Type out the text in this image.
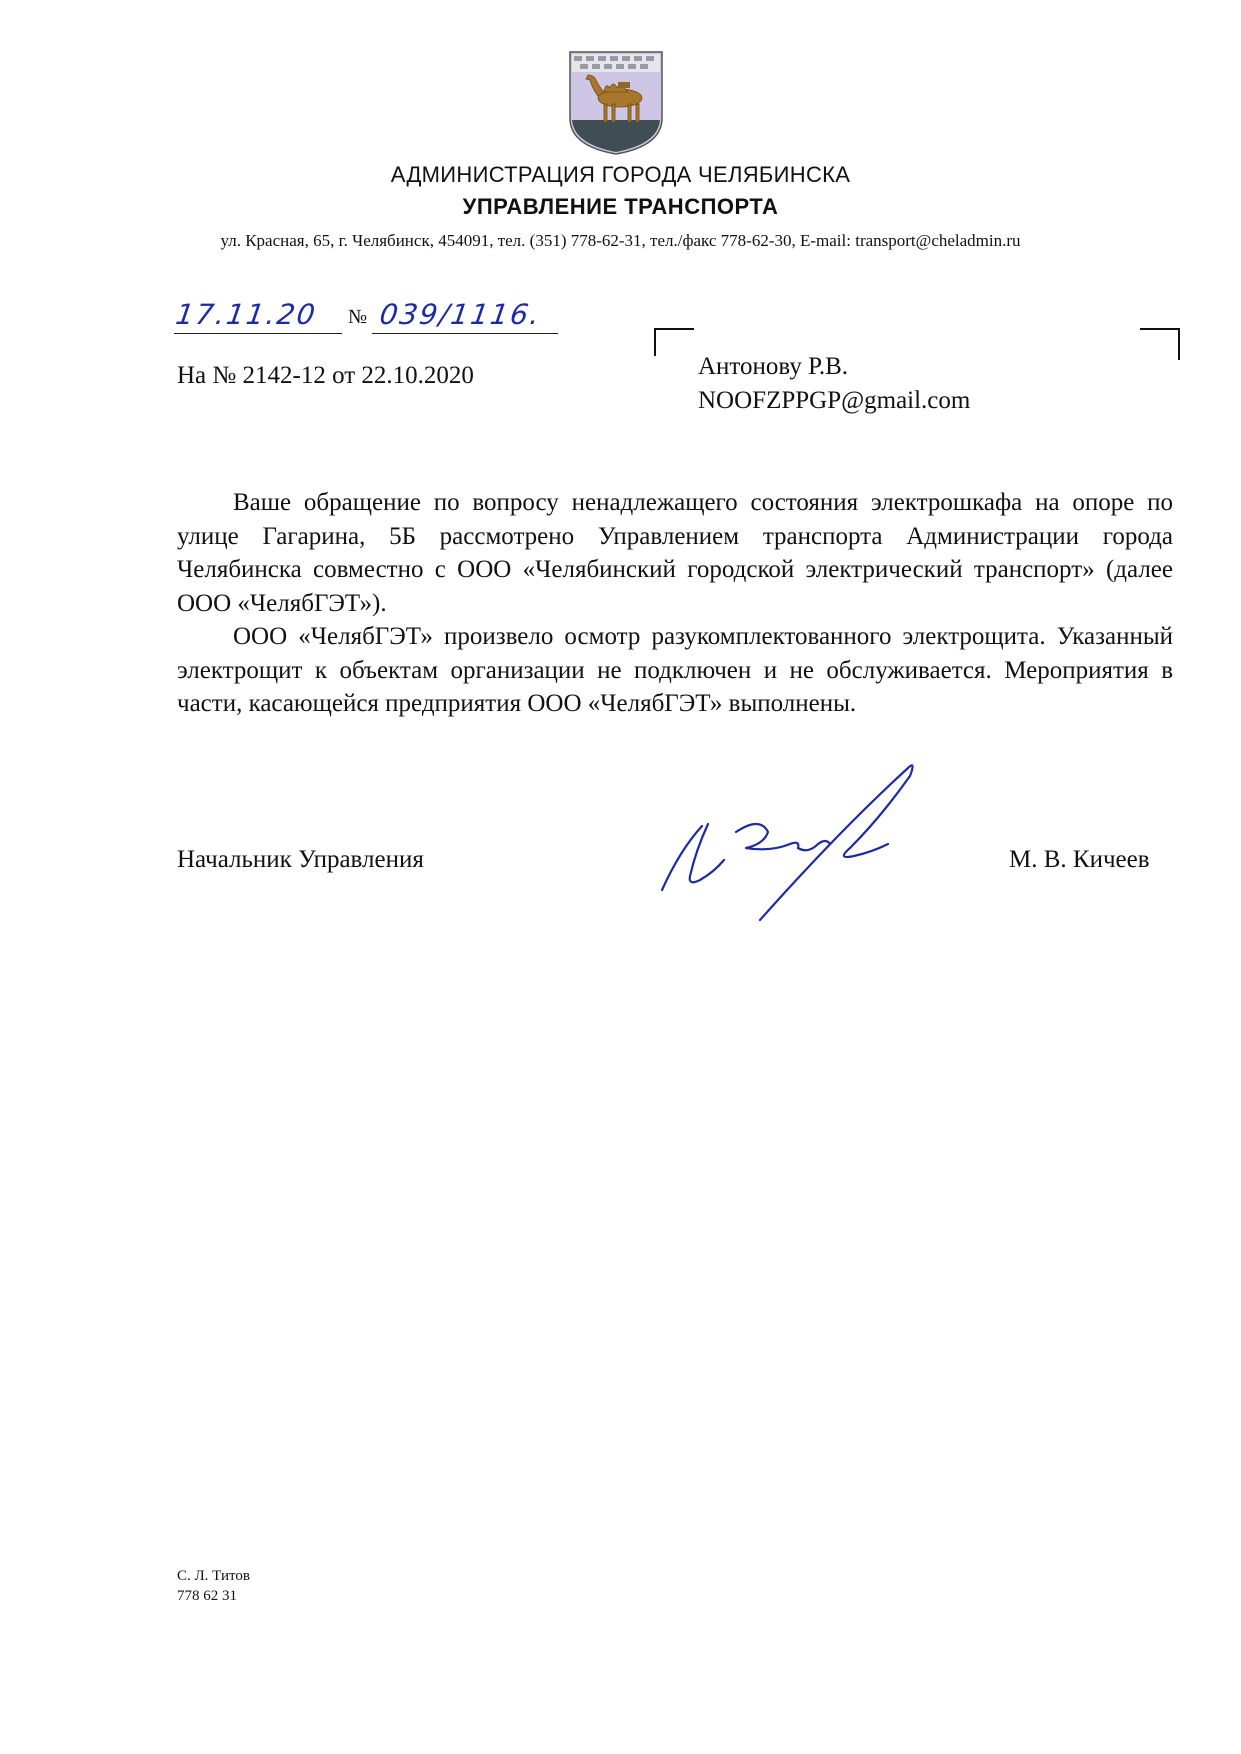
АДМИНИСТРАЦИЯ ГОРОДА ЧЕЛЯБИНСКА
УПРАВЛЕНИЕ ТРАНСПОРТА
ул. Красная, 65, г. Челябинск, 454091, тел. (351) 778-62-31, тел./факс 778-62-30, E-mail: transport@cheladmin.ru
17.11.20 № 039/1116.
На № 2142-12 от 22.10.2020	Антонову Р.В.
NOOFZPPGP@gmail.com

Ваше обращение по вопросу ненадлежащего состояния электрошкафа на опоре по улице Гагарина, 5Б рассмотрено Управлением транспорта Администрации города Челябинска совместно с ООО «Челябинский городской электрический транспорт» (далее ООО «ЧелябГЭТ»).

ООО «ЧелябГЭТ» произвело осмотр разукомплектованного электрощита. Указанный электрощит к объектам организации не подключен и не обслуживается. Мероприятия в части, касающейся предприятия ООО «ЧелябГЭТ» выполнены.

Начальник Управления	М. В. Кичеев
С. Л. Титов
778 62 31
